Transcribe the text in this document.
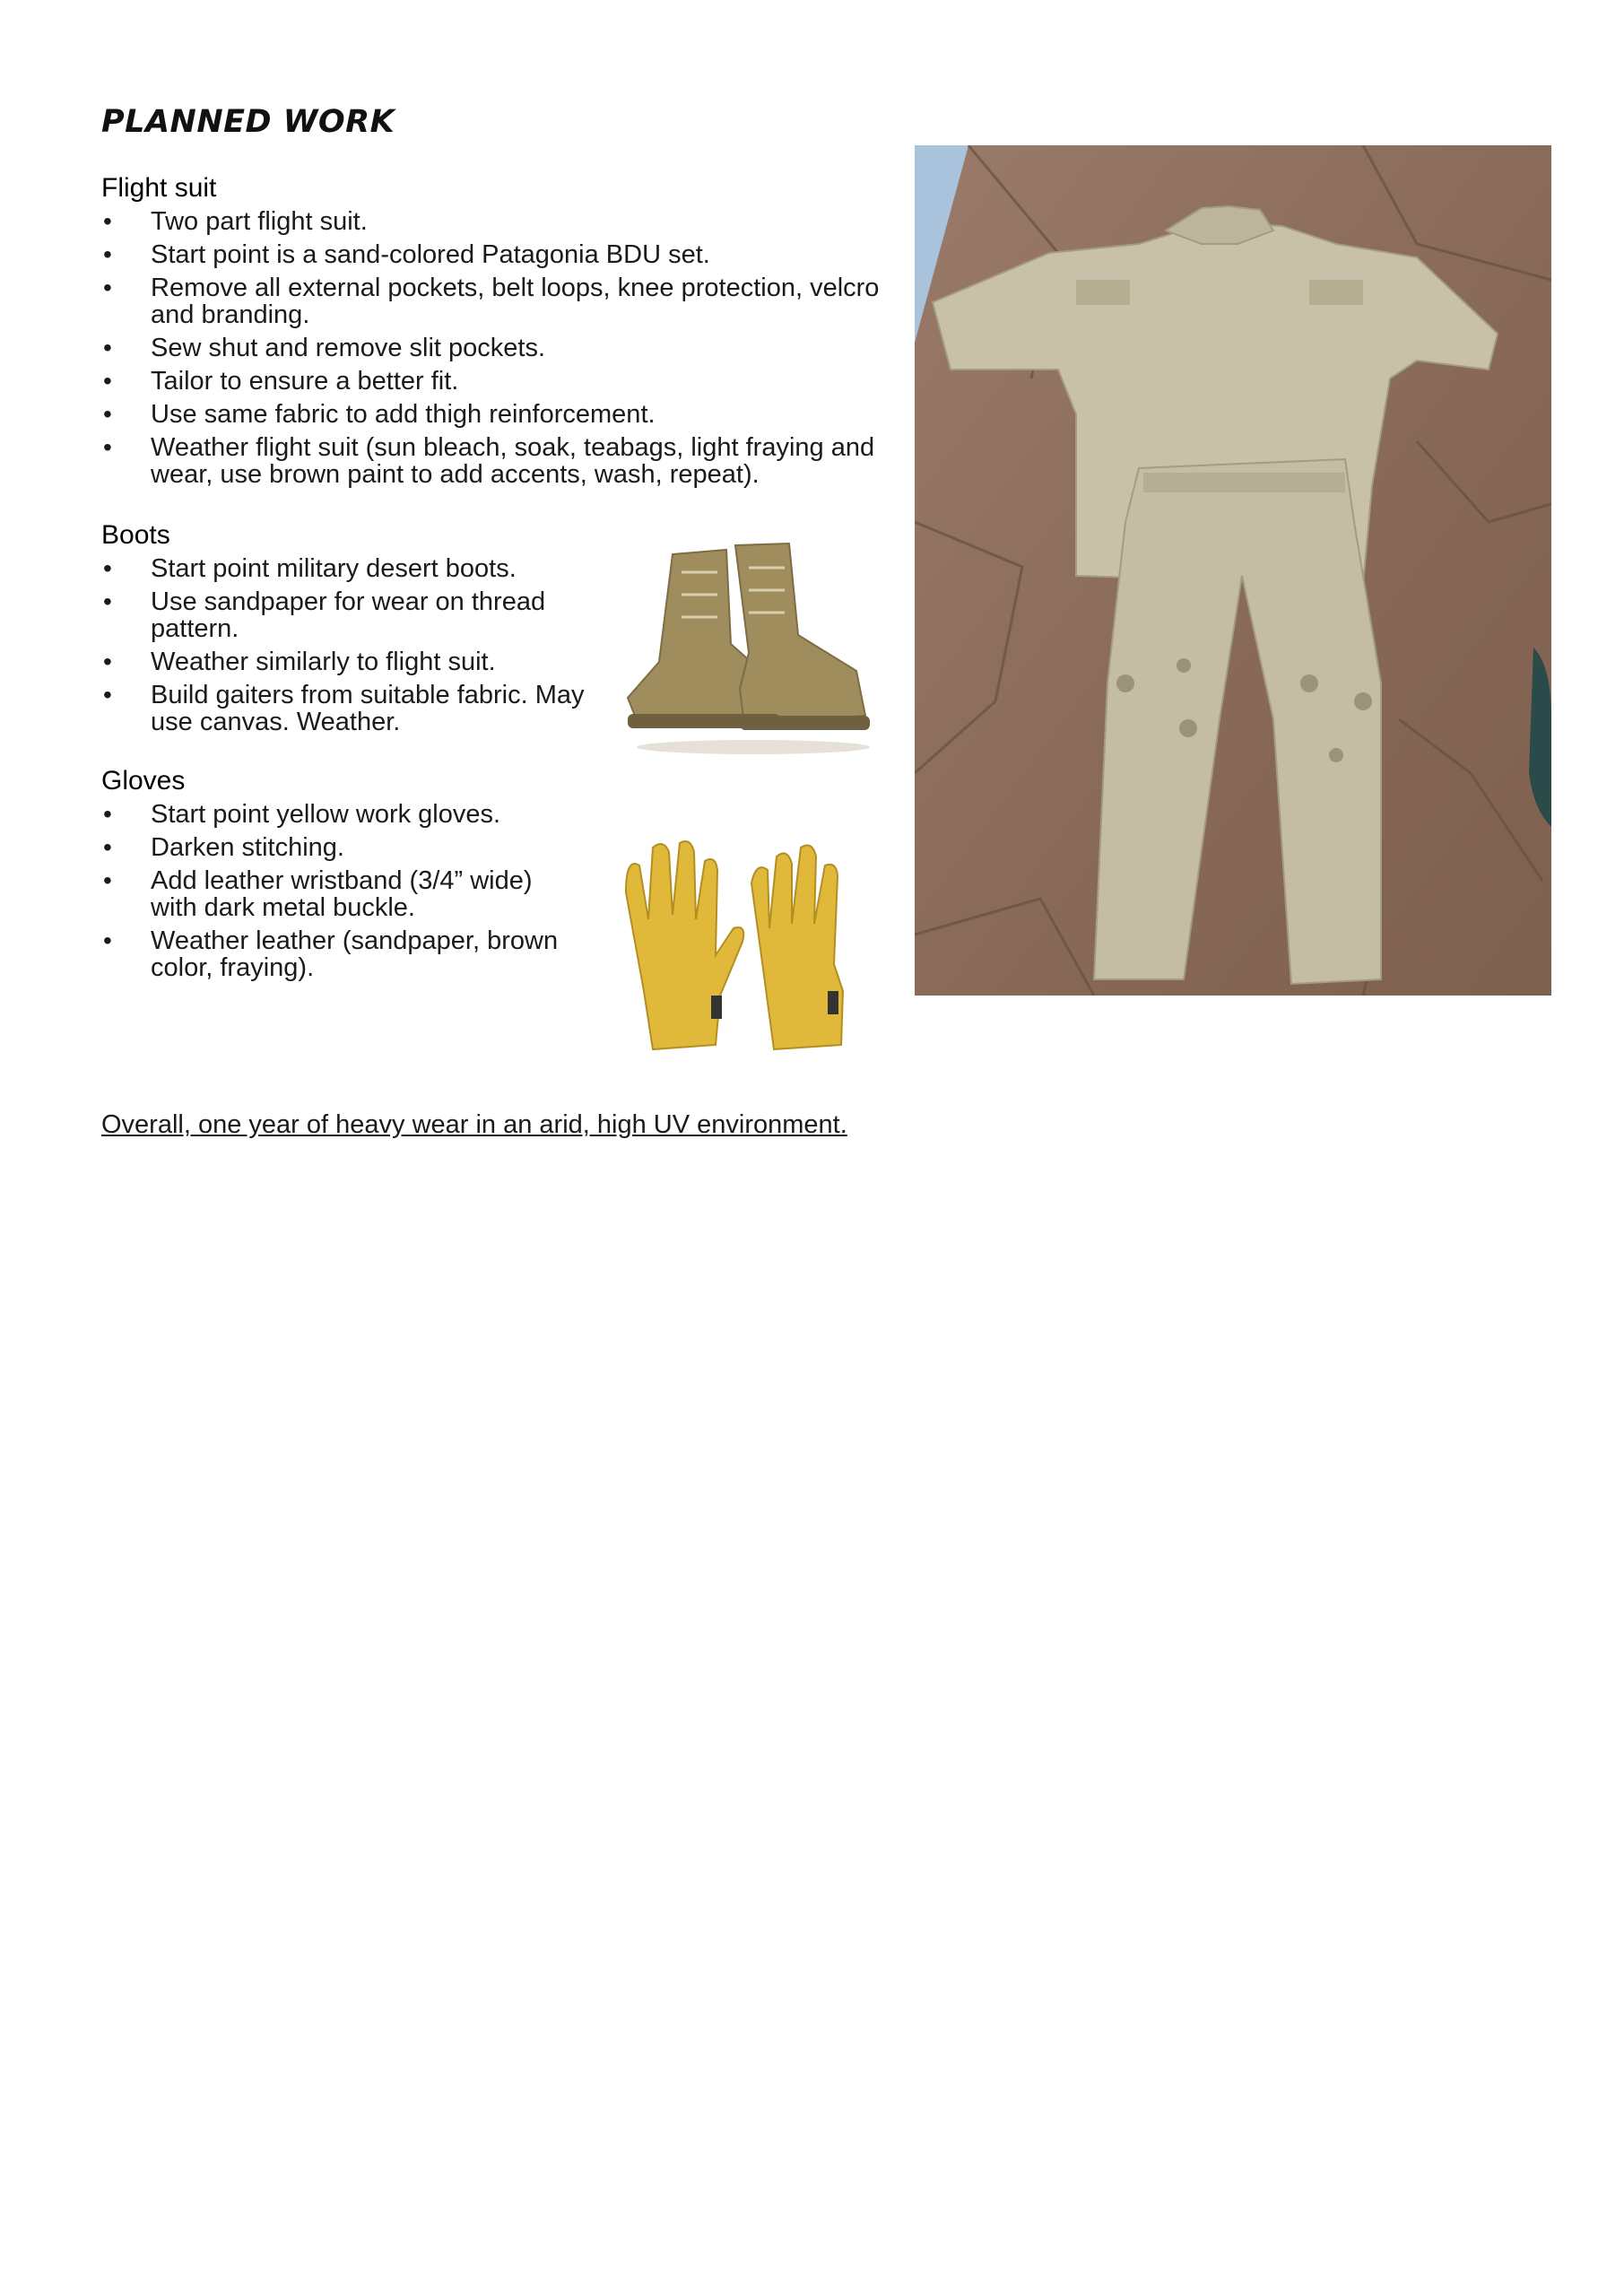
PLANNED WORK
Flight suit
• Two part flight suit.
• Start point is a sand-colored Patagonia BDU set.
• Remove all external pockets, belt loops, knee protection, velcro and branding.
• Sew shut and remove slit pockets.
• Tailor to ensure a better fit.
• Use same fabric to add thigh reinforcement.
• Weather flight suit (sun bleach, soak, teabags, light fraying and wear, use brown paint to add accents, wash, repeat).
Boots
• Start point military desert boots.
• Use sandpaper for wear on thread pattern.
• Weather similarly to flight suit.
• Build gaiters from suitable fabric. May use canvas. Weather.
Gloves
• Start point yellow work gloves.
• Darken stitching.
• Add leather wristband (3/4” wide) with dark metal buckle.
• Weather leather (sandpaper, brown color, fraying).

Overall, one year of heavy wear in an arid, high UV environment.
